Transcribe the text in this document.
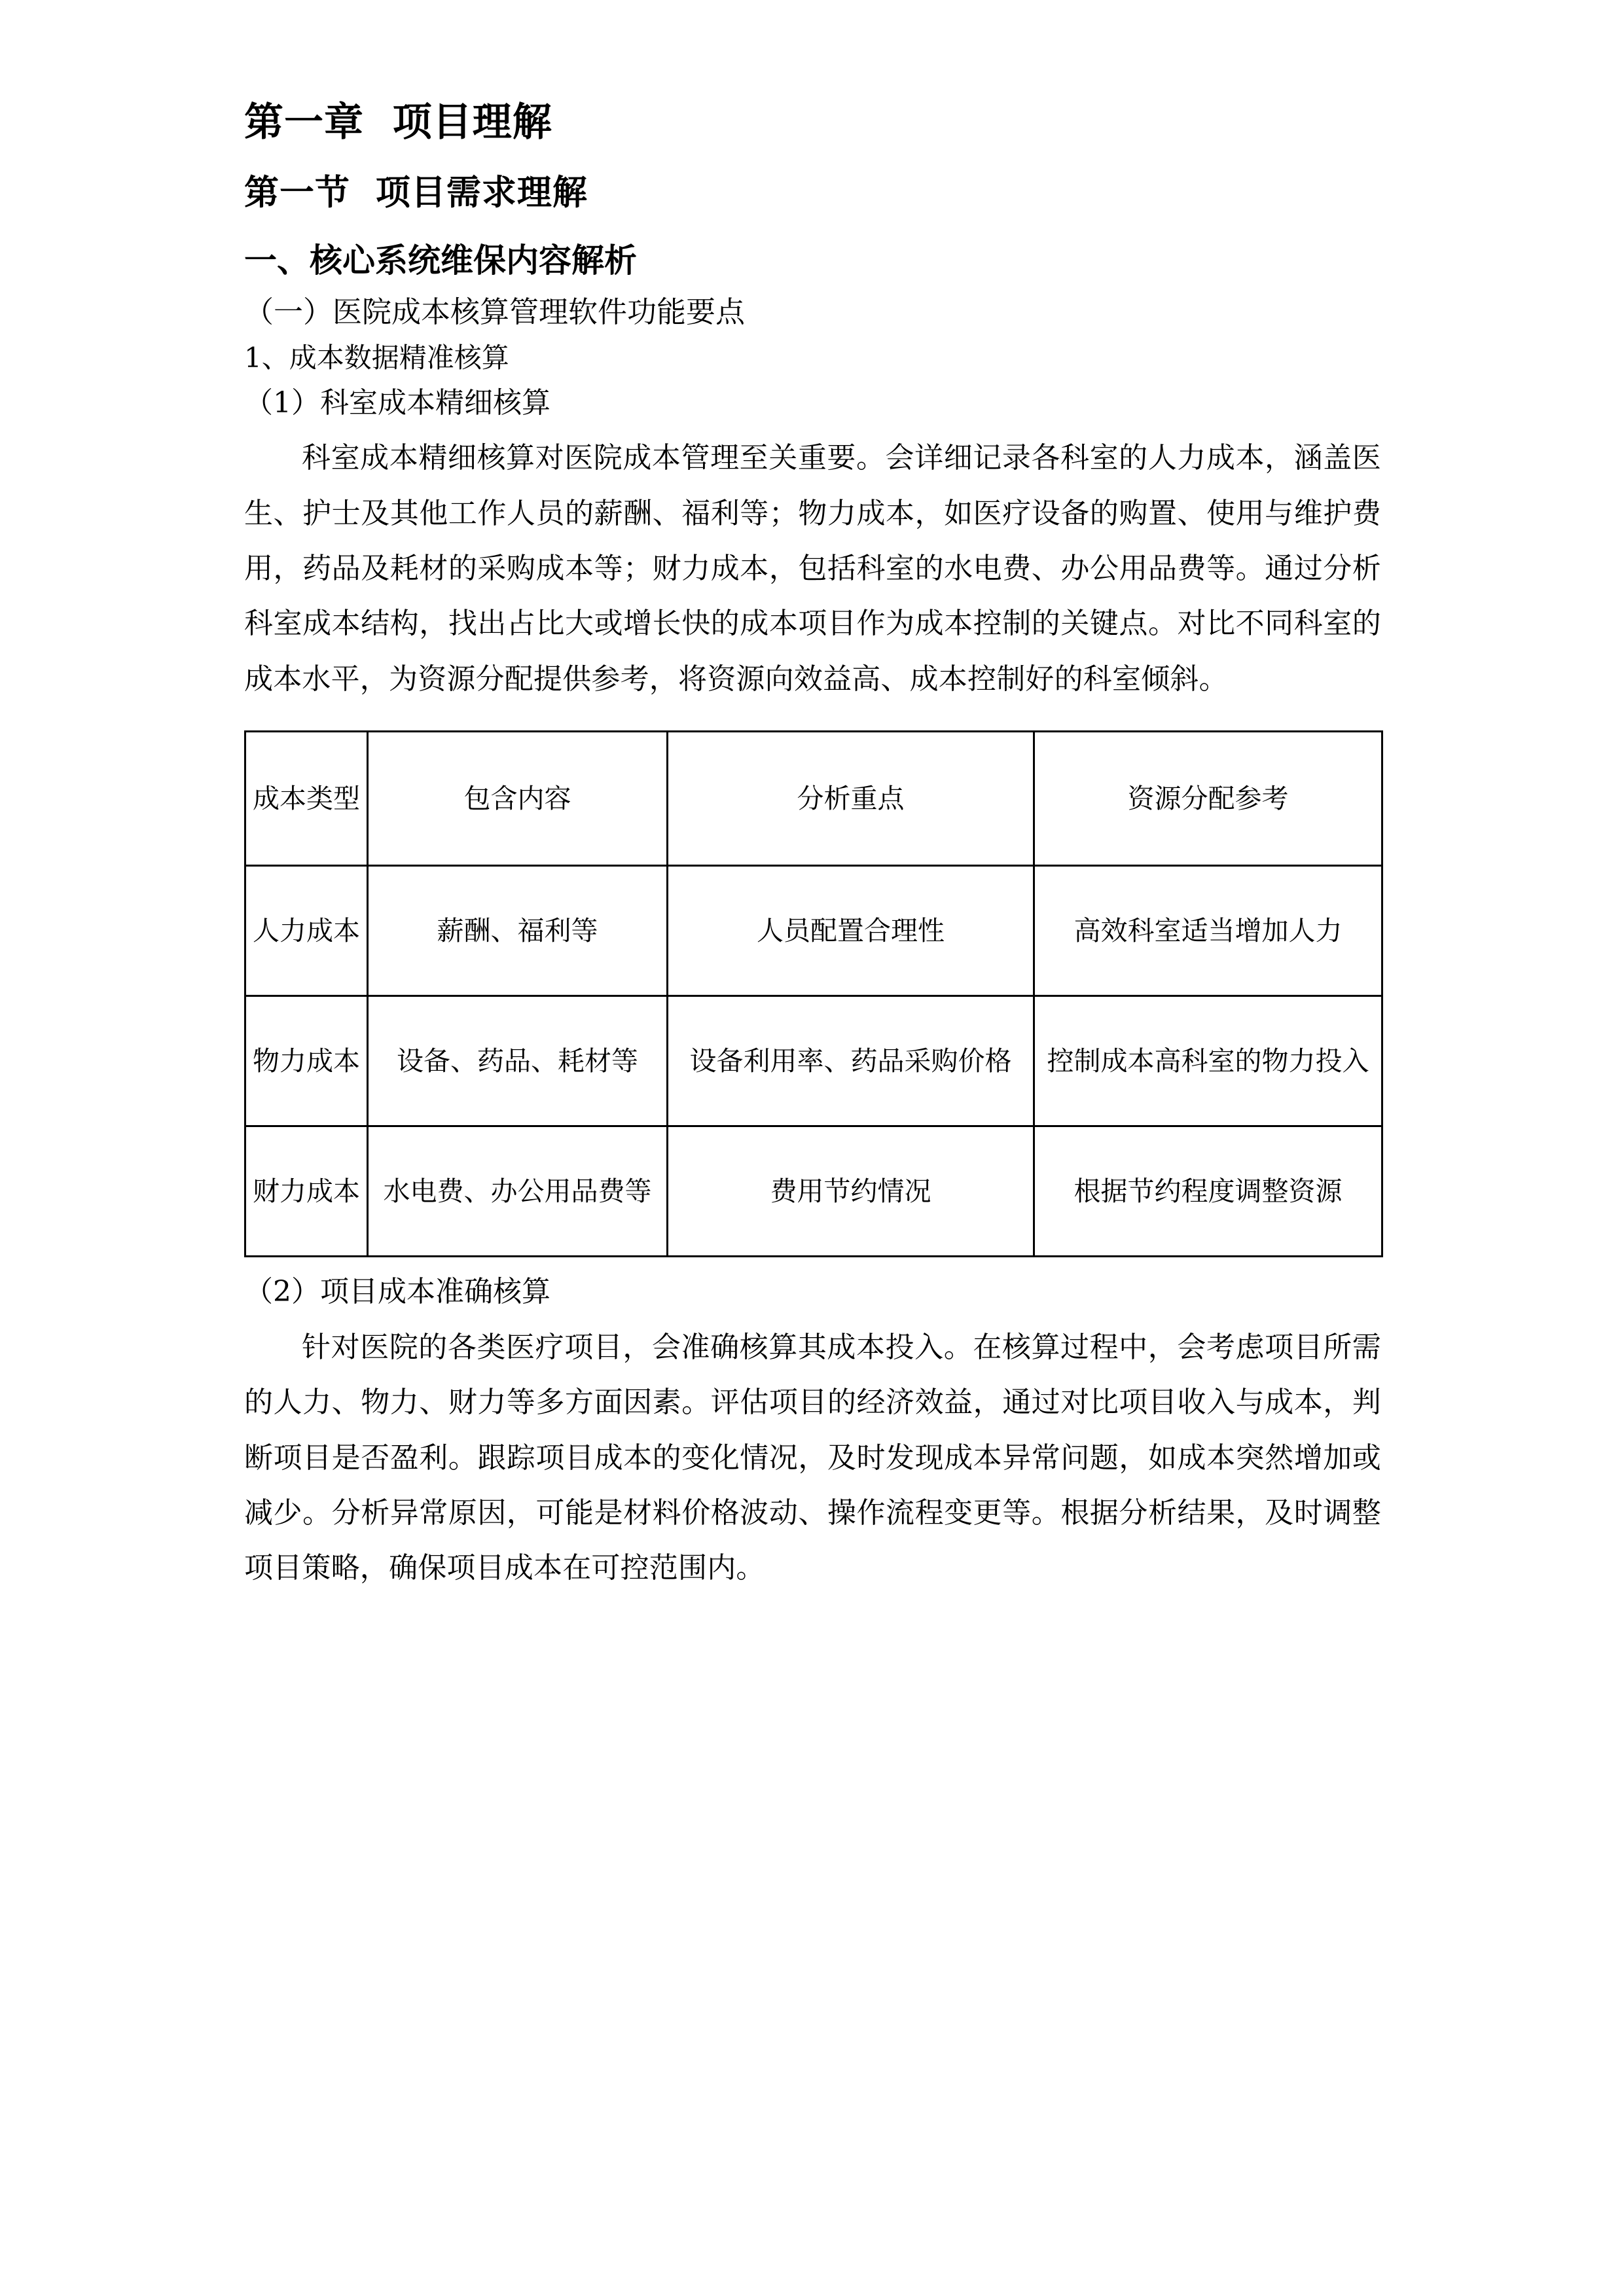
第一章  项目理解
第一节  项目需求理解
一、核心系统维保内容解析

（一）医院成本核算管理软件功能要点

1、成本数据精准核算

（1）科室成本精细核算

科室成本精细核算对医院成本管理至关重要。会详细记录各科室的人力成本，涵盖医生、护士及其他工作人员的薪酬、福利等；物力成本，如医疗设备的购置、使用与维护费用，药品及耗材的采购成本等；财力成本，包括科室的水电费、办公用品费等。通过分析科室成本结构，找出占比大或增长快的成本项目作为成本控制的关键点。对比不同科室的成本水平，为资源分配提供参考，将资源向效益高、成本控制好的科室倾斜。

成本类型	包含内容	分析重点	资源分配参考
人力成本	薪酬、福利等	人员配置合理性	高效科室适当增加人力
物力成本	设备、药品、耗材等	设备利用率、药品采购价格	控制成本高科室的物力投入
财力成本	水电费、办公用品费等	费用节约情况	根据节约程度调整资源

（2）项目成本准确核算

针对医院的各类医疗项目，会准确核算其成本投入。在核算过程中，会考虑项目所需的人力、物力、财力等多方面因素。评估项目的经济效益，通过对比项目收入与成本，判断项目是否盈利。跟踪项目成本的变化情况，及时发现成本异常问题，如成本突然增加或减少。分析异常原因，可能是材料价格波动、操作流程变更等。根据分析结果，及时调整项目策略，确保项目成本在可控范围内。
